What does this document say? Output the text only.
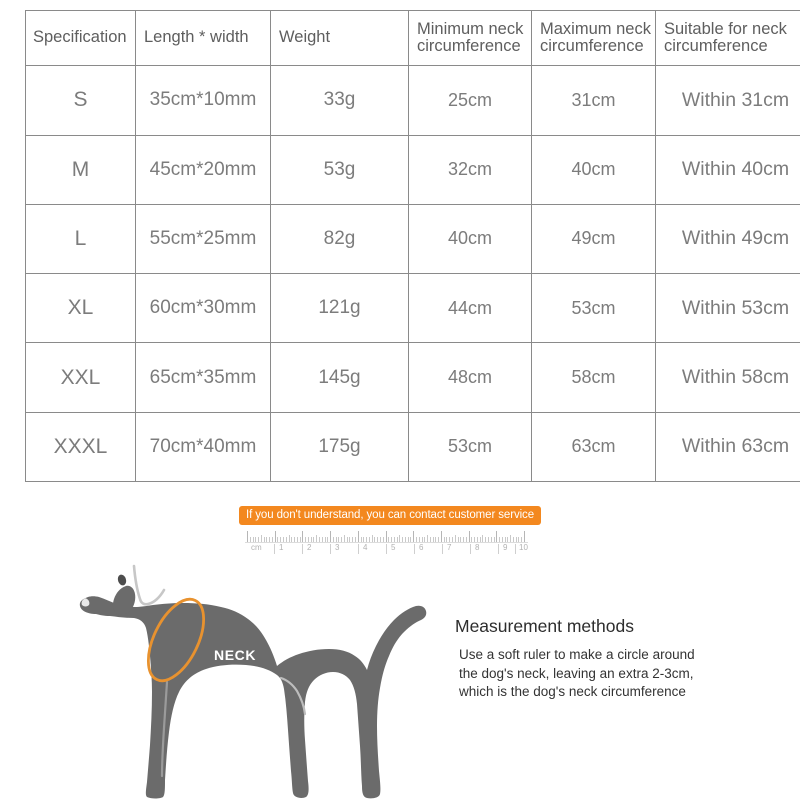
Specification	Length * width	Weight	Minimum neck circumference	Maximum neck circumference	Suitable for neck circumference
S	35cm*10mm	33g	25cm	31cm	Within 31cm
M	45cm*20mm	53g	32cm	40cm	Within 40cm
L	55cm*25mm	82g	40cm	49cm	Within 49cm
XL	60cm*30mm	121g	44cm	53cm	Within 53cm
XXL	65cm*35mm	145g	48cm	58cm	Within 58cm
XXXL	70cm*40mm	175g	53cm	63cm	Within 63cm
If you don't understand, you can contact customer service
cm 1	2	3	4	5	6	7	8	9 10
NECK
Measurement methods

Use a soft ruler to make a circle around
the dog's neck, leaving an extra 2-3cm,
which is the dog's neck circumference
